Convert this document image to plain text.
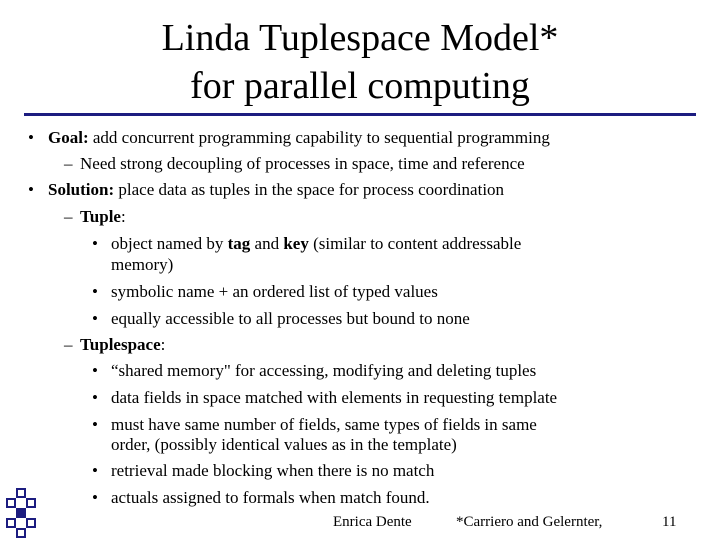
Linda Tuplespace Model*
for parallel computing
• Goal: add concurrent programming capability to sequential programming
– Need strong decoupling of processes in space, time and reference
• Solution: place data as tuples in the space for process coordination
– Tuple:
• object named by tag and key (similar to content addressable
memory)
• symbolic name + an ordered list of typed values
• equally accessible to all processes but bound to none
– Tuplespace:
• “shared memory" for accessing, modifying and deleting tuples
• data fields in space matched with elements in requesting template
• must have same number of fields, same types of fields in same
order, (possibly identical values as in the template)
• retrieval made blocking when there is no match
• actuals assigned to formals when match found.
Enrica Dente	*Carriero and Gelernter,	11
